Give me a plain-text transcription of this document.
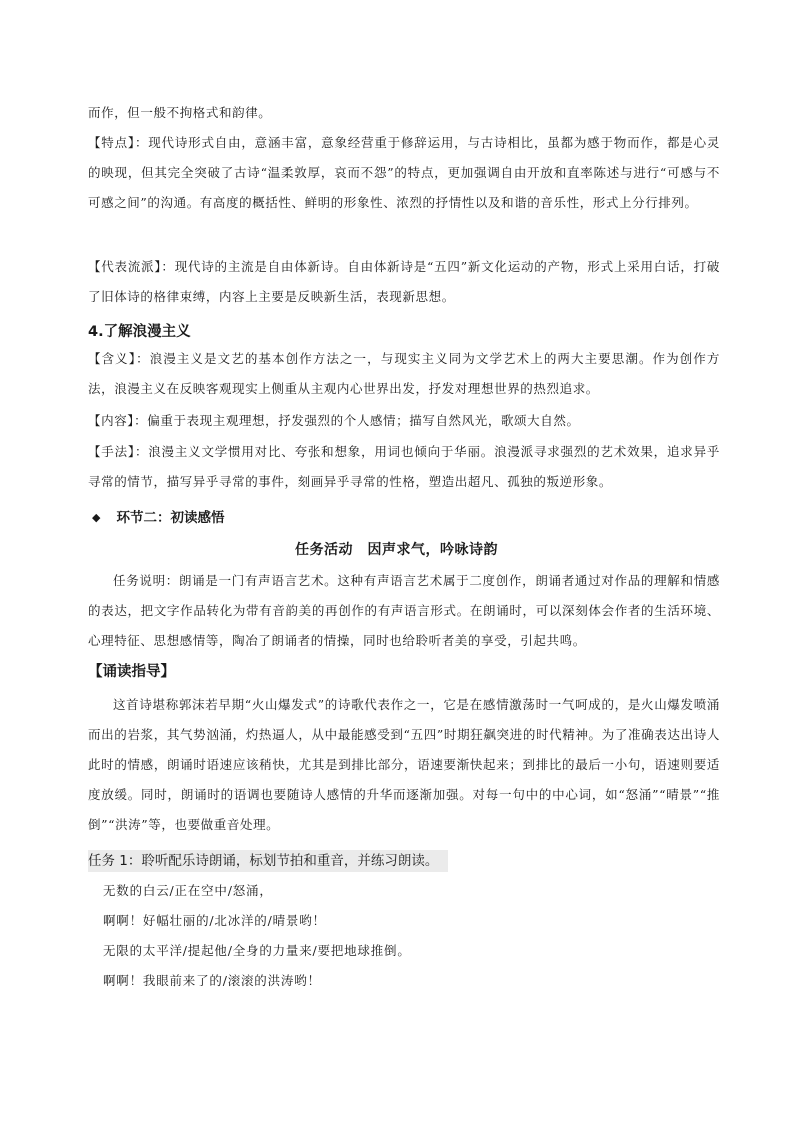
而作，但一般不拘格式和韵律。

【特点】：现代诗形式自由，意涵丰富，意象经营重于修辞运用，与古诗相比，虽都为感于物而作，都是心灵的映现，但其完全突破了古诗“温柔敦厚，哀而不怨”的特点，更加强调自由开放和直率陈述与进行“可感与不可感之间”的沟通。有高度的概括性、鲜明的形象性、浓烈的抒情性以及和谐的音乐性，形式上分行排列。

【代表流派】：现代诗的主流是自由体新诗。自由体新诗是“五四”新文化运动的产物，形式上采用白话，打破了旧体诗的格律束缚，内容上主要是反映新生活，表现新思想。

4.了解浪漫主义

【含义】：浪漫主义是文艺的基本创作方法之一，与现实主义同为文学艺术上的两大主要思潮。作为创作方法，浪漫主义在反映客观现实上侧重从主观内心世界出发，抒发对理想世界的热烈追求。

【内容】：偏重于表现主观理想，抒发强烈的个人感情；描写自然风光，歌颂大自然。

【手法】：浪漫主义文学惯用对比、夸张和想象，用词也倾向于华丽。浪漫派寻求强烈的艺术效果，追求异乎寻常的情节，描写异乎寻常的事件，刻画异乎寻常的性格，塑造出超凡、孤独的叛逆形象。

◆ 环节二：初读感悟
任务活动　因声求气，吟咏诗韵

任务说明：朗诵是一门有声语言艺术。这种有声语言艺术属于二度创作，朗诵者通过对作品的理解和情感的表达，把文字作品转化为带有音韵美的再创作的有声语言形式。在朗诵时，可以深刻体会作者的生活环境、心理特征、思想感情等，陶冶了朗诵者的情操，同时也给聆听者美的享受，引起共鸣。

【诵读指导】

这首诗堪称郭沫若早期“火山爆发式”的诗歌代表作之一，它是在感情激荡时一气呵成的，是火山爆发喷涌而出的岩浆，其气势汹涌，灼热逼人，从中最能感受到“五四”时期狂飙突进的时代精神。为了准确表达出诗人此时的情感，朗诵时语速应该稍快，尤其是到排比部分，语速要渐快起来；到排比的最后一小句，语速则要适度放缓。同时，朗诵时的语调也要随诗人感情的升华而逐渐加强。对每一句中的中心词，如“怒涌”“晴景”“推倒”“洪涛”等，也要做重音处理。

任务 1：聆听配乐诗朗诵，标划节拍和重音，并练习朗读。
无数的白云/正在空中/怒涌，
啊啊！好幅壮丽的/北冰洋的/晴景哟！
无限的太平洋/提起他/全身的力量来/要把地球推倒。
啊啊！我眼前来了的/滚滚的洪涛哟！
